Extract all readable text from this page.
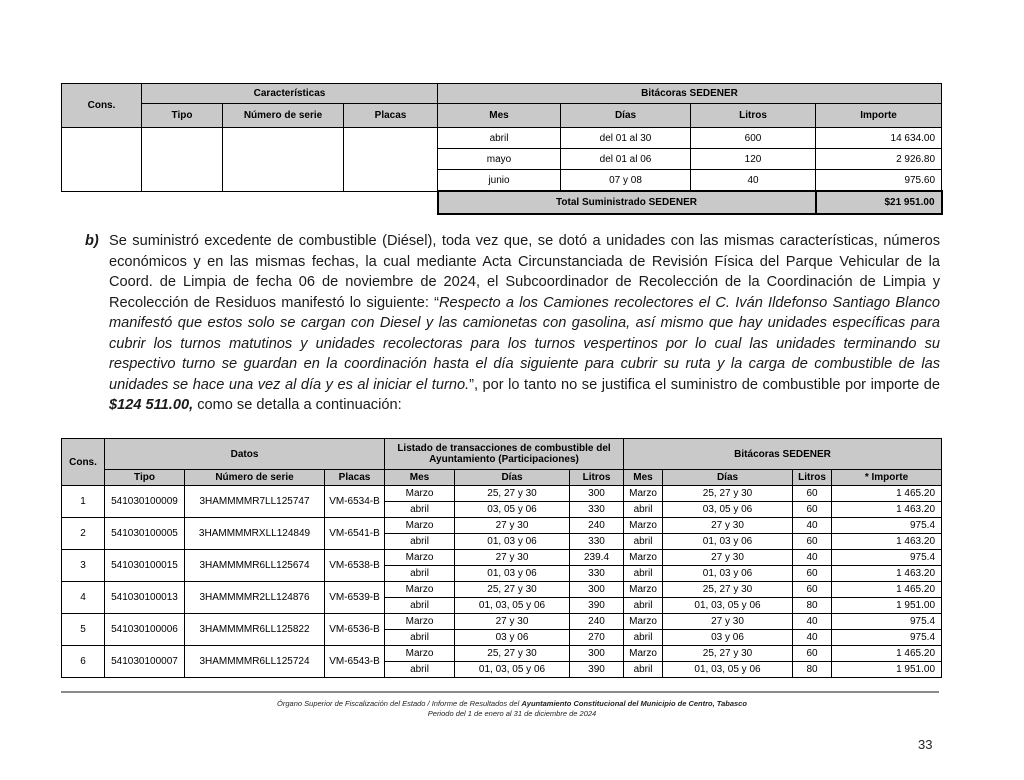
Cons.	Características			Bitácoras SEDENER			
	Tipo	Número de serie	Placas	Mes	Días	Litros	Importe
				abril	del 01 al 30	600	14 634.00
				mayo	del 01 al 06	120	2 926.80
				junio	07 y 08	40	975.60
				Total Suministrado SEDENER			$21 951.00
b) Se suministró excedente de combustible (Diésel), toda vez que, se dotó a unidades con las mismas características, números económicos y en las mismas fechas, la cual mediante Acta Circunstanciada de Revisión Física del Parque Vehicular de la Coord. de Limpia de fecha 06 de noviembre de 2024, el Subcoordinador de Recolección de la Coordinación de Limpia y Recolección de Residuos manifestó lo siguiente: “Respecto a los Camiones recolectores el C. Iván Ildefonso Santiago Blanco manifestó que estos solo se cargan con Diesel y las camionetas con gasolina, así mismo que hay unidades específicas para cubrir los turnos matutinos y unidades recolectoras para los turnos vespertinos por lo cual las unidades terminando su respectivo turno se guardan en la coordinación hasta el día siguiente para cubrir su ruta y la carga de combustible de las unidades se hace una vez al día y es al iniciar el turno.”, por lo tanto no se justifica el suministro de combustible por importe de $124 511.00, como se detalla a continuación:
Cons.	Datos			Listado de transacciones de combustible del Ayuntamiento (Participaciones)			Bitácoras SEDENER			
	Tipo	Número de serie	Placas	Mes	Días	Litros	Mes	Días	Litros	* Importe
1	541030100009	3HAMMMMR7LL125747	VM-6534-B	Marzo	25, 27 y 30	300	Marzo	25, 27 y 30	60	1 465.20
				abril	03, 05 y 06	330	abril	03, 05 y 06	60	1 463.20
2	541030100005	3HAMMMMRXLL124849	VM-6541-B	Marzo	27 y 30	240	Marzo	27 y 30	40	975.4
				abril	01, 03 y 06	330	abril	01, 03 y 06	60	1 463.20
3	541030100015	3HAMMMMR6LL125674	VM-6538-B	Marzo	27 y 30	239.4	Marzo	27 y 30	40	975.4
				abril	01, 03 y 06	330	abril	01, 03 y 06	60	1 463.20
4	541030100013	3HAMMMMR2LL124876	VM-6539-B	Marzo	25, 27 y 30	300	Marzo	25, 27 y 30	60	1 465.20
				abril	01, 03, 05 y 06	390	abril	01, 03, 05 y 06	80	1 951.00
5	541030100006	3HAMMMMR6LL125822	VM-6536-B	Marzo	27 y 30	240	Marzo	27 y 30	40	975.4
				abril	03 y 06	270	abril	03 y 06	40	975.4
6	541030100007	3HAMMMMR6LL125724	VM-6543-B	Marzo	25, 27 y 30	300	Marzo	25, 27 y 30	60	1 465.20
				abril	01, 03, 05 y 06	390	abril	01, 03, 05 y 06	80	1 951.00
Órgano Superior de Fiscalización del Estado / Informe de Resultados del Ayuntamiento Constitucional del Municipio de Centro, Tabasco
Periodo del 1 de enero al 31 de diciembre de 2024
33
